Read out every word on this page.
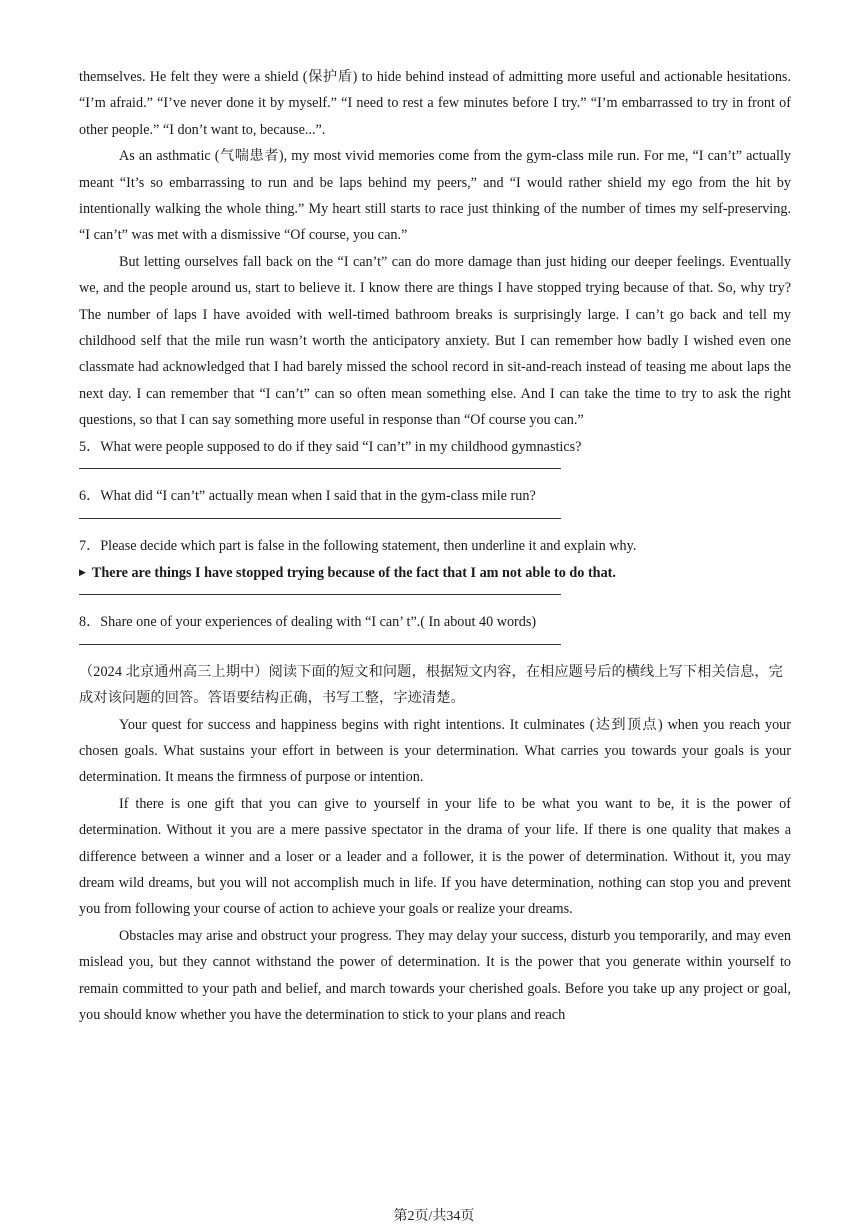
themselves. He felt they were a shield (保护盾) to hide behind instead of admitting more useful and actionable hesitations. “I’m afraid.” “I’ve never done it by myself.” “I need to rest a few minutes before I try.” “I’m embarrassed to try in front of other people.” “I don’t want to, because...”.

As an asthmatic (气喘患者), my most vivid memories come from the gym-class mile run. For me, “I can’t” actually meant “It’s so embarrassing to run and be laps behind my peers,” and “I would rather shield my ego from the hit by intentionally walking the whole thing.” My heart still starts to race just thinking of the number of times my self-preserving. “I can’t” was met with a dismissive “Of course, you can.”

But letting ourselves fall back on the “I can’t” can do more damage than just hiding our deeper feelings. Eventually we, and the people around us, start to believe it. I know there are things I have stopped trying because of that. So, why try? The number of laps I have avoided with well-timed bathroom breaks is surprisingly large. I can’t go back and tell my childhood self that the mile run wasn’t worth the anticipatory anxiety. But I can remember how badly I wished even one classmate had acknowledged that I had barely missed the school record in sit-and-reach instead of teasing me about laps the next day. I can remember that “I can’t” can so often mean something else. And I can take the time to try to ask the right questions, so that I can say something more useful in response than “Of course you can.”

5．What were people supposed to do if they said “I can’t” in my childhood gymnastics?

6．What did “I can’t” actually mean when I said that in the gym-class mile run?

7．Please decide which part is false in the following statement, then underline it and explain why.

▶ There are things I have stopped trying because of the fact that I am not able to do that.

8．Share one of your experiences of dealing with “I can’ t”.( In about 40 words)

（2024 北京通州高三上期中）阅读下面的短文和问题，根据短文内容，在相应题号后的横线上写下相关信息，完成对该问题的回答。答语要结构正确，书写工整，字迹清楚。

Your quest for success and happiness begins with right intentions. It culminates (达到顶点) when you reach your chosen goals. What sustains your effort in between is your determination. What carries you towards your goals is your determination. It means the firmness of purpose or intention.

If there is one gift that you can give to yourself in your life to be what you want to be, it is the power of determination. Without it you are a mere passive spectator in the drama of your life. If there is one quality that makes a difference between a winner and a loser or a leader and a follower, it is the power of determination. Without it, you may dream wild dreams, but you will not accomplish much in life. If you have determination, nothing can stop you and prevent you from following your course of action to achieve your goals or realize your dreams.

Obstacles may arise and obstruct your progress. They may delay your success, disturb you temporarily, and may even mislead you, but they cannot withstand the power of determination. It is the power that you generate within yourself to remain committed to your path and belief, and march towards your cherished goals. Before you take up any project or goal, you should know whether you have the determination to stick to your plans and reach

第2页/共34页
